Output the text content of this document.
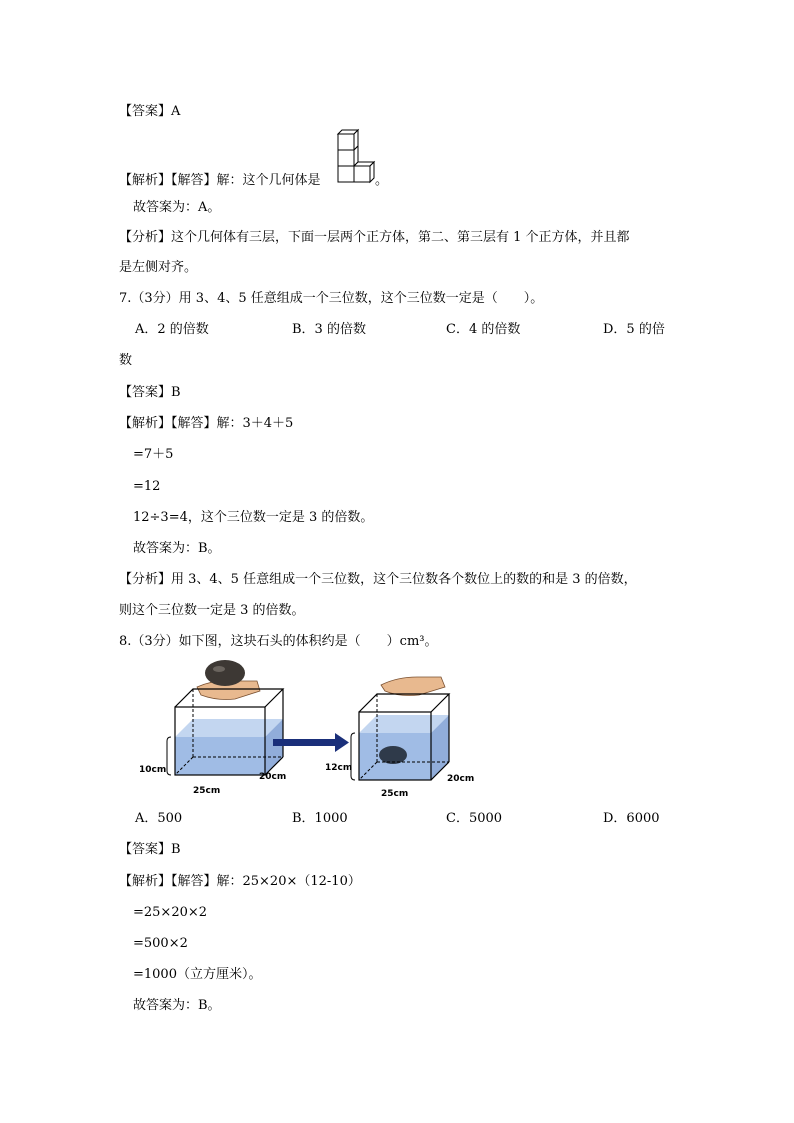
【答案】A
【解析】【解答】解：这个几何体是	。
故答案为：A。
【分析】这个几何体有三层，下面一层两个正方体，第二、第三层有 1 个正方体，并且都
是左侧对齐。
7.（3分）用 3、4、5 任意组成一个三位数，这个三位数一定是（　　）。
A．2 的倍数	B．3 的倍数	C．4 的倍数	D．5 的倍
数
【答案】B
【解析】【解答】解：3＋4＋5
=7＋5
=12
12÷3=4，这个三位数一定是 3 的倍数。
故答案为：B。
【分析】用 3、4、5 任意组成一个三位数，这个三位数各个数位上的数的和是 3 的倍数，
则这个三位数一定是 3 的倍数。
8.（3分）如下图，这块石头的体积约是（　　）cm³。
10cm
20cm
25cm
12cm
20cm
25cm
A．500	B．1000	C．5000	D．6000
【答案】B
【解析】【解答】解：25×20×（12-10）
=25×20×2
=500×2
=1000（立方厘米）。
故答案为：B。
